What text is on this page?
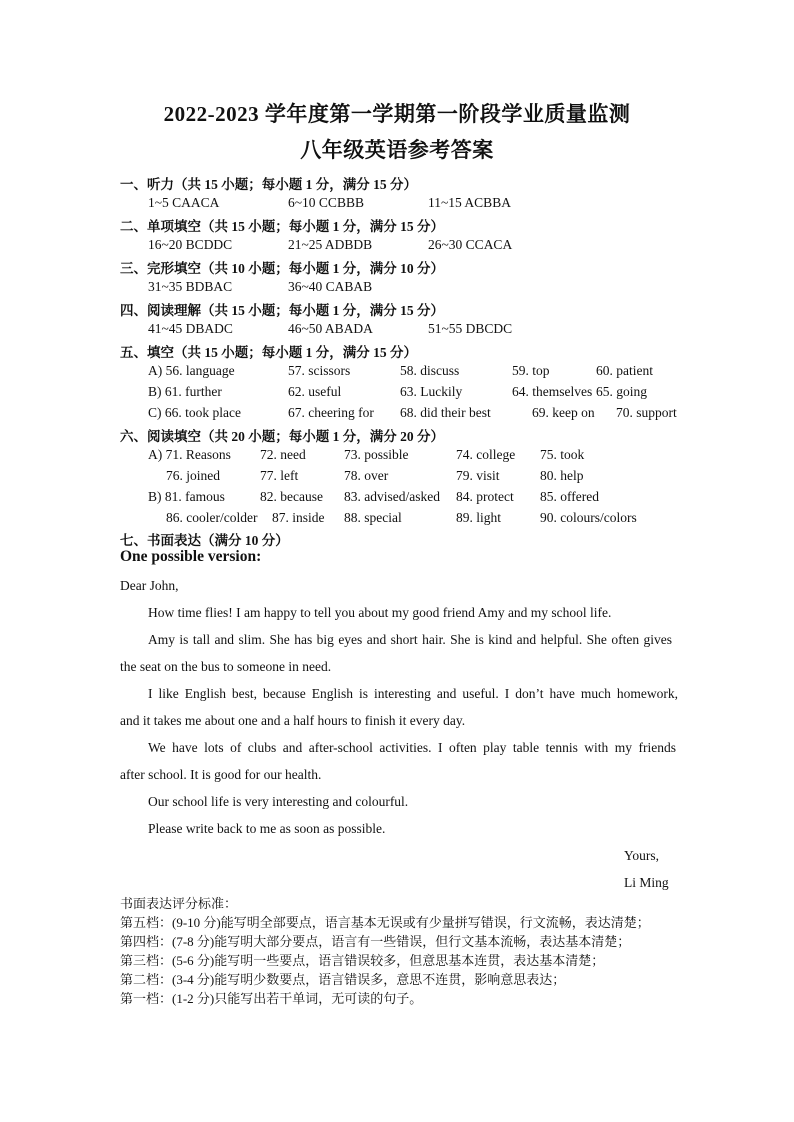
2022-2023 学年度第一学期第一阶段学业质量监测
八年级英语参考答案
一、听力（共 15 小题；每小题 1 分，满分 15 分）
1~5 CAACA	6~10 CCBBB	11~15 ACBBA
二、单项填空（共 15 小题；每小题 1 分，满分 15 分）
16~20 BCDDC	21~25 ADBDB	26~30 CCACA
三、完形填空（共 10 小题；每小题 1 分，满分 10 分）
31~35 BDBAC	36~40 CABAB
四、阅读理解（共 15 小题；每小题 1 分，满分 15 分）
41~45 DBADC	46~50 ABADA	51~55 DBCDC
五、填空（共 15 小题；每小题 1 分，满分 15 分）
A) 56. language	57. scissors	58. discuss	59. top	60. patient
B) 61. further	62. useful	63. Luckily	64. themselves 65. going
C) 66. took place	67. cheering for 68. did their best	69. keep on 70. support
六、阅读填空（共 20 小题；每小题 1 分，满分 20 分）
A) 71. Reasons 72. need	73. possible	74. college 75. took
76. joined	77. left	78. over	79. visit	80. help
B) 81. famous	82. because 83. advised/asked 84. protect 85. offered
86. cooler/colder 87. inside 88. special	89. light	90. colours/colors
七、书面表达（满分 10 分）
One possible version:
Dear John,
How time flies! I am happy to tell you about my good friend Amy and my school life.
Amy is tall and slim. She has big eyes and short hair. She is kind and helpful. She often gives
the seat on the bus to someone in need.
I like English best, because English is interesting and useful. I don’t have much homework,
and it takes me about one and a half hours to finish it every day.
We have lots of clubs and after-school activities. I often play table tennis with my friends
after school. It is good for our health.
Our school life is very interesting and colourful.
Please write back to me as soon as possible.
Yours,
Li Ming
书面表达评分标准：
第五档：(9-10 分)能写明全部要点，语言基本无误或有少量拼写错误，行文流畅，表达清楚；
第四档：(7-8 分)能写明大部分要点，语言有一些错误，但行文基本流畅，表达基本清楚；
第三档：(5-6 分)能写明一些要点，语言错误较多，但意思基本连贯，表达基本清楚；
第二档：(3-4 分)能写明少数要点，语言错误多，意思不连贯，影响意思表达；
第一档：(1-2 分)只能写出若干单词，无可读的句子。
